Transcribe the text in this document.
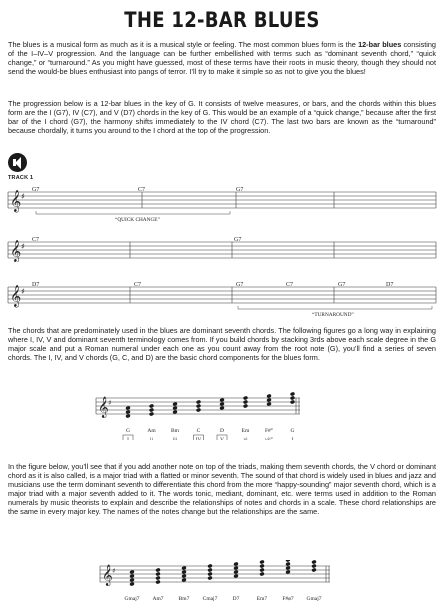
THE 12-BAR BLUES

The blues is a musical form as much as it is a musical style or feeling. The most common blues form is the 12-bar blues consisting of the I–IV–V progression. And the language can be further embellished with terms such as “dominant seventh chord,” “quick change,” or “turnaround.” As you might have guessed, most of these terms have their roots in music theory, though they should not send the would-be blues enthusiast into pangs of terror. I’ll try to make it simple so as not to give you the blues!

The progression below is a 12-bar blues in the key of G. It consists of twelve measures, or bars, and the chords within this blues form are the I (G7), IV (C7), and V (D7) chords in the key of G. This would be an example of a “quick change,” because after the first bar of the I chord (G7), the harmony shifts immediately to the IV chord (C7). The last two bars are known as the “turnaround” because chordally, it turns you around to the I chord at the top of the progression.

TRACK 1
𝄞 ♯
G7	C7	G7
“QUICK CHANGE”
𝄞 ♯
C7	G7
𝄞 ♯
D7	C7	G7	C7	G7	D7
“TURNAROUND”

The chords that are predominately used in the blues are dominant seventh chords. The following figures go a long way in explaining where I, IV, V and dominant seventh terminology comes from. If you build chords by stacking 3rds above each scale degree in the G major scale and put a Roman numeral under each one as you count away from the root note (G), you’ll find a series of seven chords. The I, IV, and V chords (G, C, and D) are the basic chord components for the blues form.

𝄞 ♯
G
I
Am
ii
Bm
iii
C
IV
D
V
Em
vi
F#°
vii°
G
I

In the figure below, you’ll see that if you add another note on top of the triads, making them seventh chords, the V chord or dominant chord as it is also called, is a major triad with a flatted or minor seventh. The sound of that chord is widely used in blues and jazz and musicians use the term dominant seventh to differentiate this chord from the more “happy-sounding” major seventh chord, which is a major triad with a major seventh added to it. The words tonic, mediant, dominant, etc. were terms used in addition to the Roman numerals by music theorists to explain and describe the relationships of notes and chords in a scale. These chord relationships are the same in every major key. The names of the notes change but the relationships are the same.

𝄞 ♯
Gmaj7 Am7	Bm7 Cmaj7	D7	Em7	F#ø7 Gmaj7
